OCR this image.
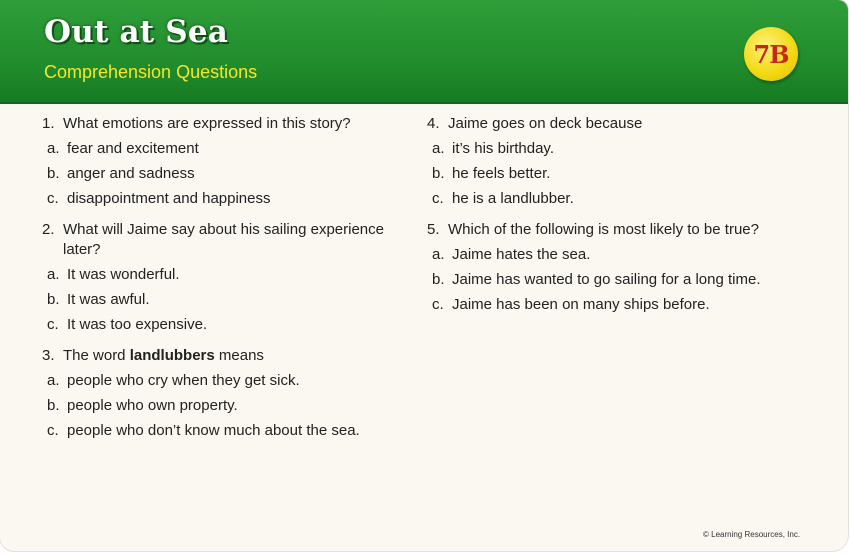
Out at Sea
Comprehension Questions
7B
1. What emotions are expressed in this story?
a. fear and excitement
b. anger and sadness
c. disappointment and happiness
2. What will Jaime say about his sailing experience later?
a. It was wonderful.
b. It was awful.
c. It was too expensive.
3. The word landlubbers means
a. people who cry when they get sick.
b. people who own property.
c. people who don’t know much about the sea.
4. Jaime goes on deck because
a. it’s his birthday.
b. he feels better.
c. he is a landlubber.
5. Which of the following is most likely to be true?
a. Jaime hates the sea.
b. Jaime has wanted to go sailing for a long time.
c. Jaime has been on many ships before.
© Learning Resources, Inc.
